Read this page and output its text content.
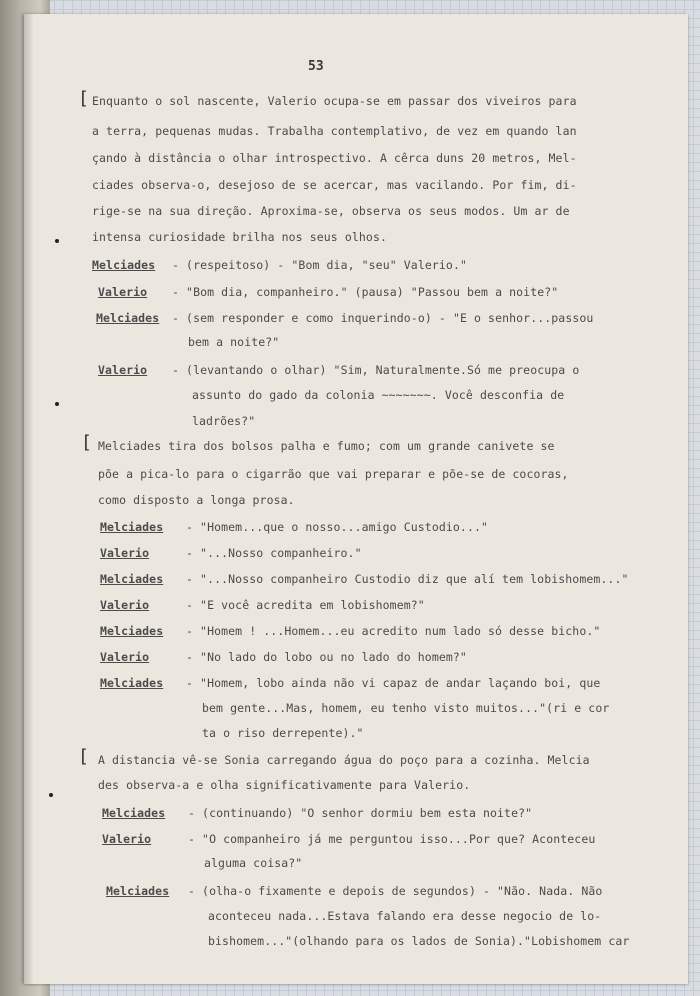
53
[ Enquanto o sol nascente, Valerio ocupa-se em passar dos viveiros para
a terra, pequenas mudas. Trabalha contemplativo, de vez em quando lan
çando à distância o olhar introspectivo. A cêrca duns 20 metros, Mel-
ciades observa-o, desejoso de se acercar, mas vacilando. Por fim, di-
rige-se na sua direção. Aproxima-se, observa os seus modos. Um ar de
intensa curiosidade brilha nos seus olhos.
Melciades - (respeitoso) - "Bom dia, "seu" Valerio."
Valerio - "Bom dia, companheiro." (pausa) "Passou bem a noite?"
Melciades - (sem responder e como inquerindo-o) - "E o senhor...passou
bem a noite?"
Valerio - (levantando o olhar) "Sim, Naturalmente.Só me preocupa o
assunto do gado da colonia ~~~~~~~. Você desconfia de
ladrões?"
[ Melciades tira dos bolsos palha e fumo; com um grande canivete se
põe a pica-lo para o cigarrão que vai preparar e põe-se de cocoras,
como disposto a longa prosa.
Melciades - "Homem...que o nosso...amigo Custodio..."
Valerio	- "...Nosso companheiro."
Melciades - "...Nosso companheiro Custodio diz que alí tem lobishomem..."
Valerio	- "E você acredita em lobishomem?"
Melciades - "Homem ! ...Homem...eu acredito num lado só desse bicho."
Valerio	- "No lado do lobo ou no lado do homem?"
Melciades - "Homem, lobo ainda não vi capaz de andar laçando boi, que
bem gente...Mas, homem, eu tenho visto muitos..."(ri e cor
ta o riso derrepente)."
[ A distancia vê-se Sonia carregando água do poço para a cozinha. Melcia
des observa-a e olha significativamente para Valerio.
Melciades - (continuando) "O senhor dormiu bem esta noite?"
Valerio	- "O companheiro já me perguntou isso...Por que? Aconteceu
alguma coisa?"
Melciades - (olha-o fixamente e depois de segundos) - "Não. Nada. Não
aconteceu nada...Estava falando era desse negocio de lo-
bishomem..."(olhando para os lados de Sonia)."Lobishomem car
